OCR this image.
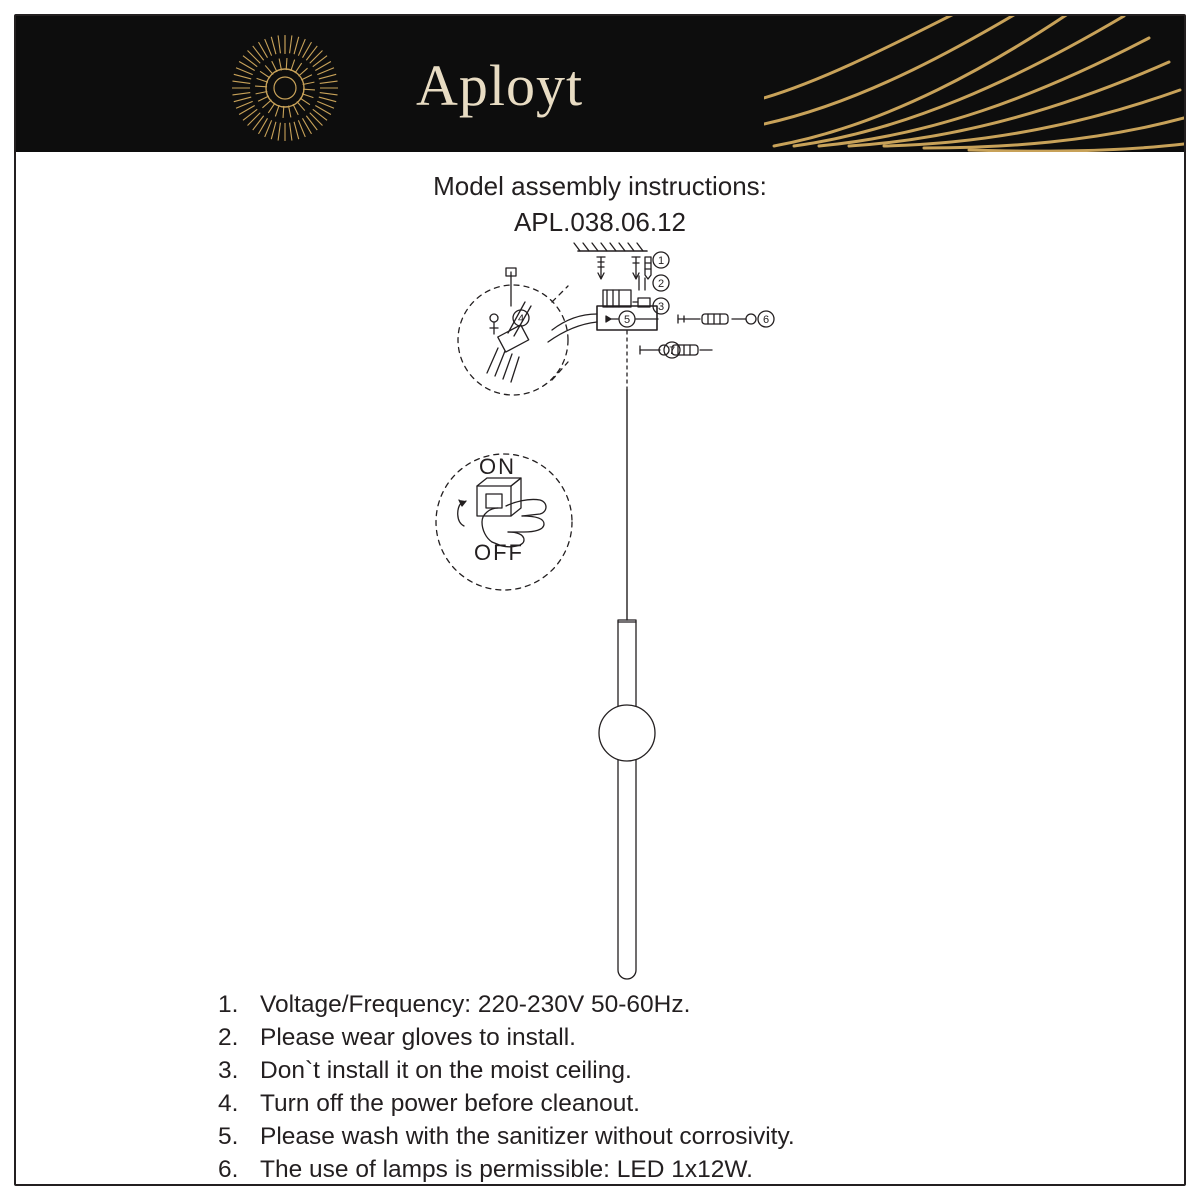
Aployt
Model assembly instructions:
APL.038.06.12
1
2
3
4	5	6
7
ON
OFF
1. Voltage/Frequency: 220-230V 50-60Hz.
2. Please wear gloves to install.
3. Don`t install it on the moist ceiling.
4. Turn off the power before cleanout.
5. Please wash with the sanitizer without corrosivity.
6. The use of lamps is permissible: LED 1x12W.
